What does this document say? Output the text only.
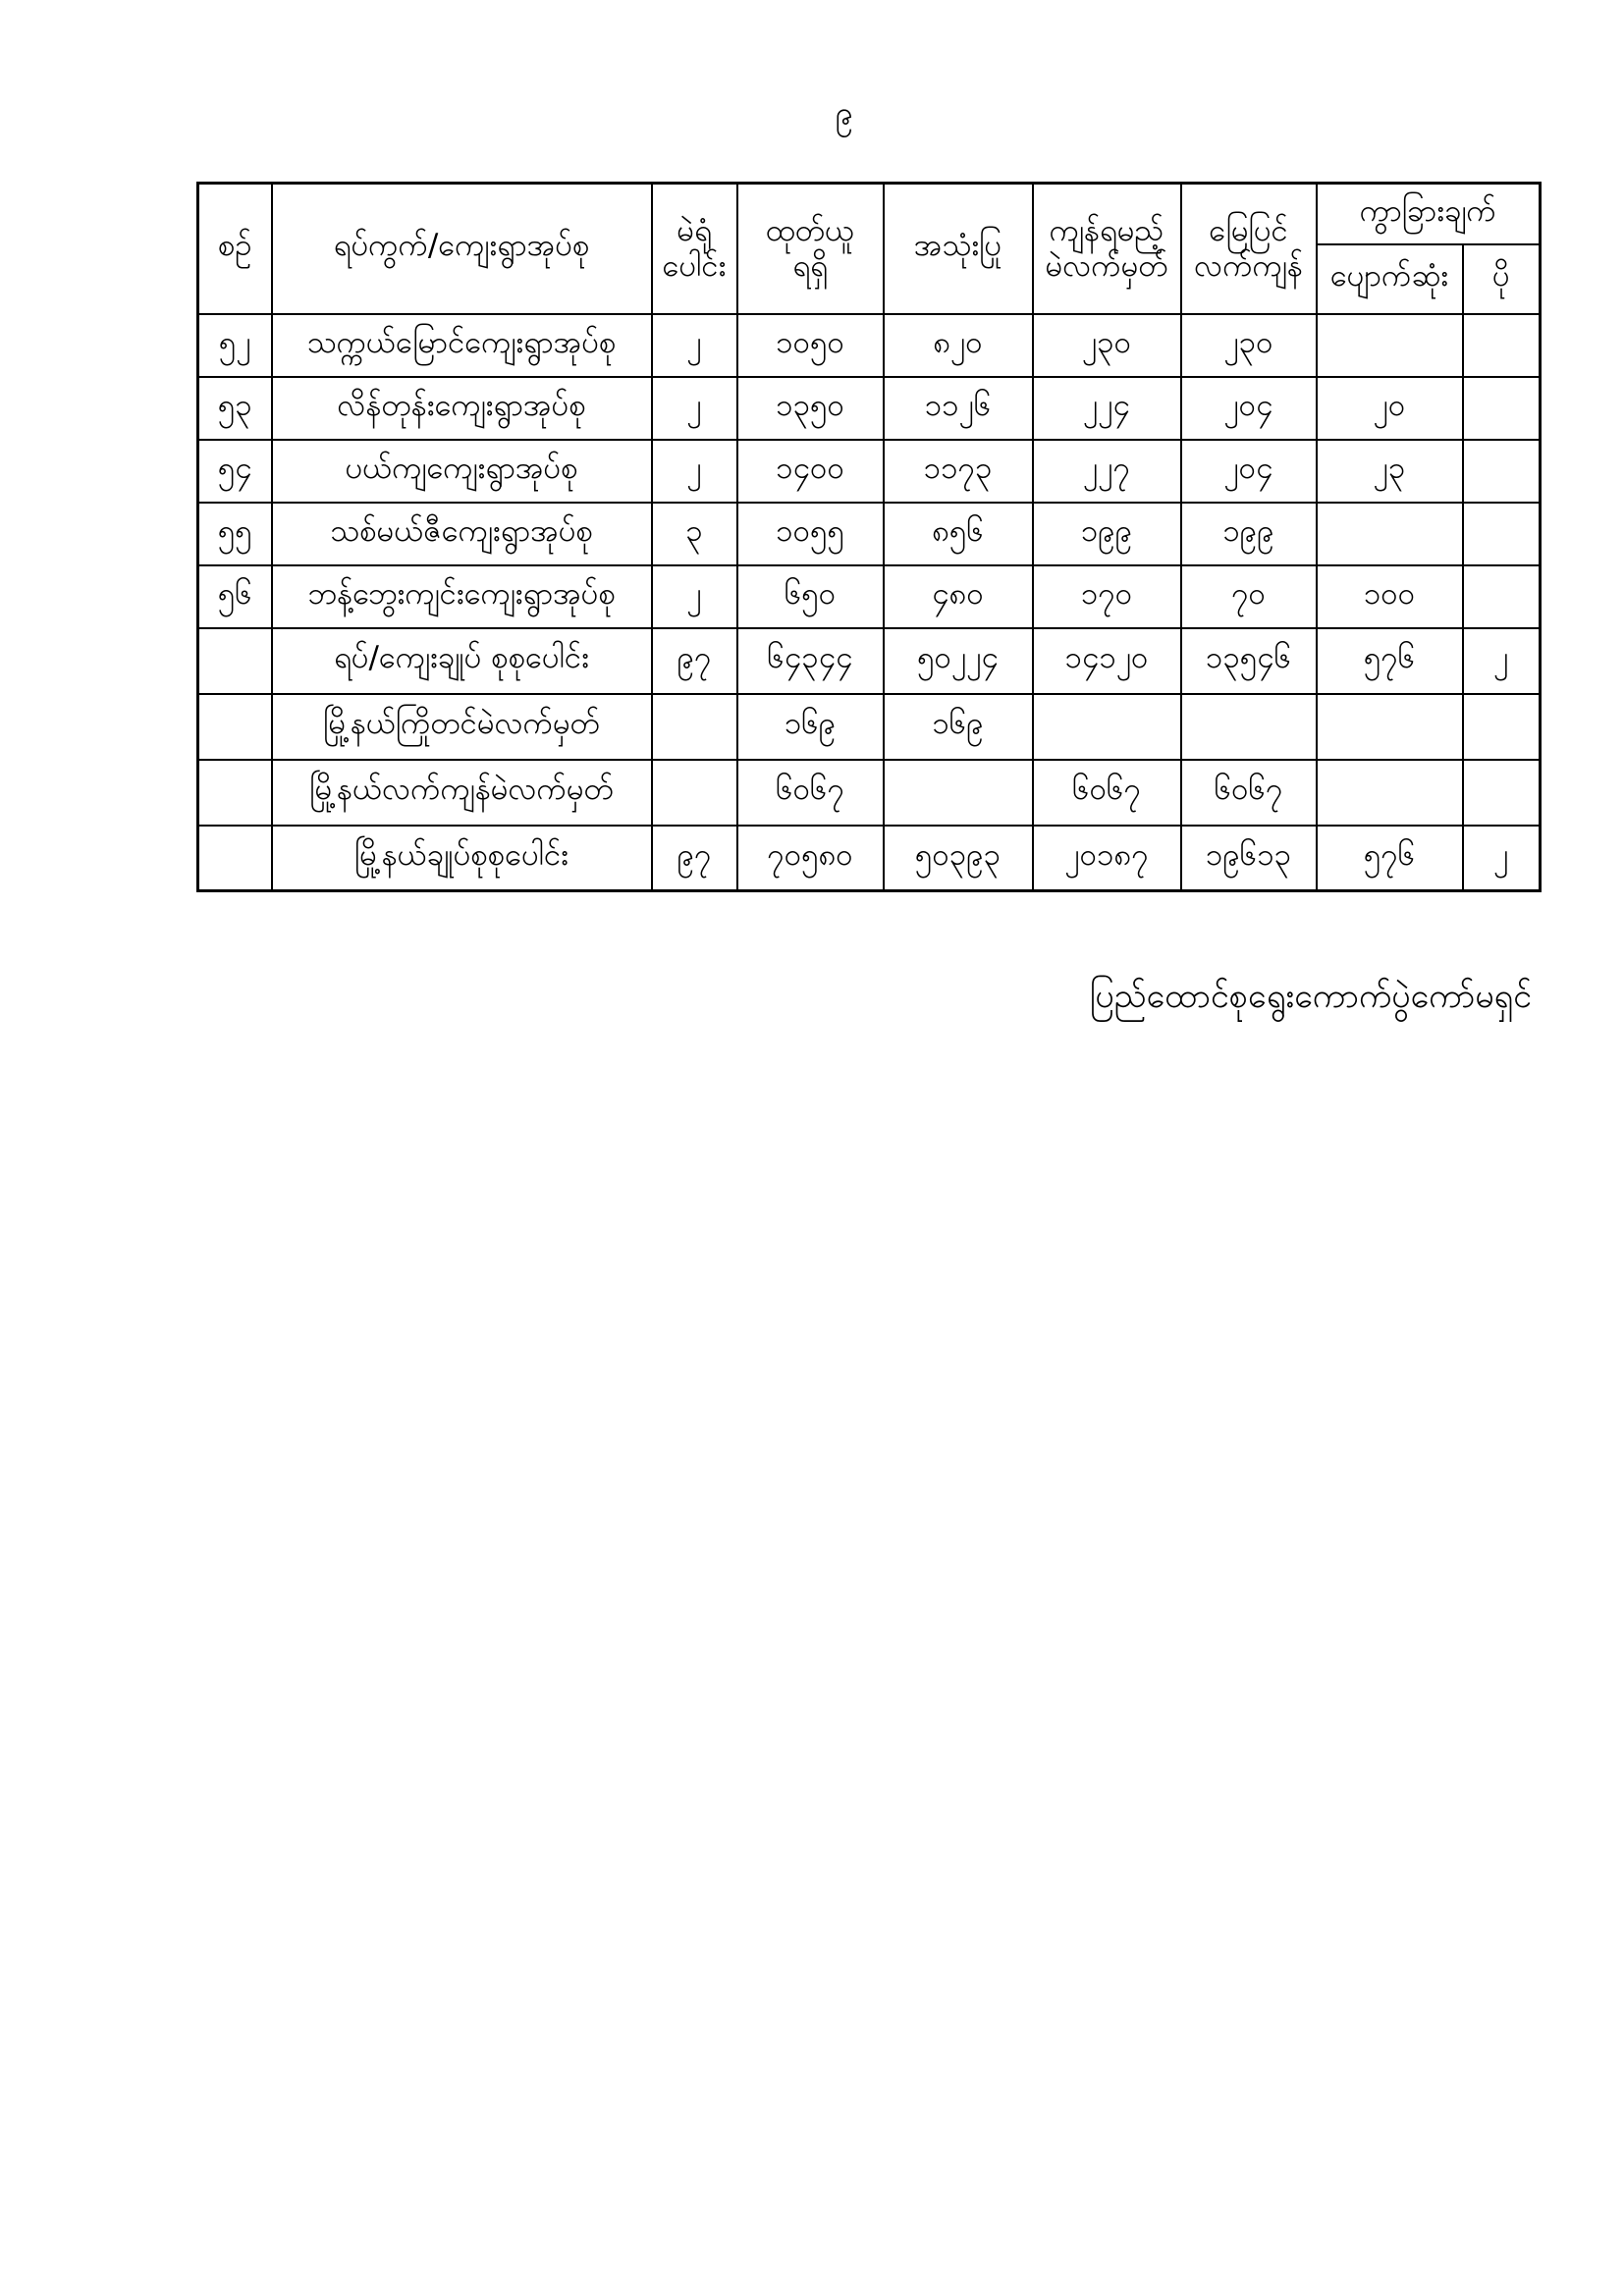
၉
စဉ်	ရပ်ကွက်/ကျေးရွာအုပ်စု	မဲရုံ
ပေါင်း

ထုတ်ယူ
ရရှိ
	အသုံးပြု	ကျန်ရမည့်
မဲလက်မှတ်

မြေပြင်
လက်ကျန်
	ကွာခြားချက်
							ပျောက်ဆုံး	ပို
၅၂	သက္ကယ်မြောင်ကျေးရွာအုပ်စု	၂	၁၀၅၀	၈၂၀	၂၃၀	၂၃၀		
၅၃	လိန်တုန်းကျေးရွာအုပ်စု	၂	၁၃၅၀	၁၁၂၆	၂၂၄	၂၀၄	၂၀	
၅၄	ပယ်ကျကျေးရွာအုပ်စု	၂	၁၄၀၀	၁၁၇၃	၂၂၇	၂၀၄	၂၃	
၅၅	သစ်မယ်ဇီကျေးရွာအုပ်စု	၃	၁၀၅၅	၈၅၆	၁၉၉	၁၉၉		
၅၆	ဘန့်ဘွေးကျင်းကျေးရွာအုပ်စု	၂	၆၅၀	၄၈၀	၁၇၀	၇၀	၁၀၀	
	ရပ်/ကျေးချုပ် စုစုပေါင်း	၉၇	၆၄၃၄၄	၅၀၂၂၄	၁၄၁၂၀	၁၃၅၄၆	၅၇၆	၂
	မြို့နယ်ကြိုတင်မဲလက်မှတ်		၁၆၉	၁၆၉				
	မြို့နယ်လက်ကျန်မဲလက်မှတ်		၆၀၆၇		၆၀၆၇	၆၀၆၇		
	မြို့နယ်ချုပ်စုစုပေါင်း	၉၇	၇၀၅၈၀	၅၀၃၉၃	၂၀၁၈၇	၁၉၆၁၃	၅၇၆	၂
ပြည်ထောင်စုရွေးကောက်ပွဲကော်မရှင်
